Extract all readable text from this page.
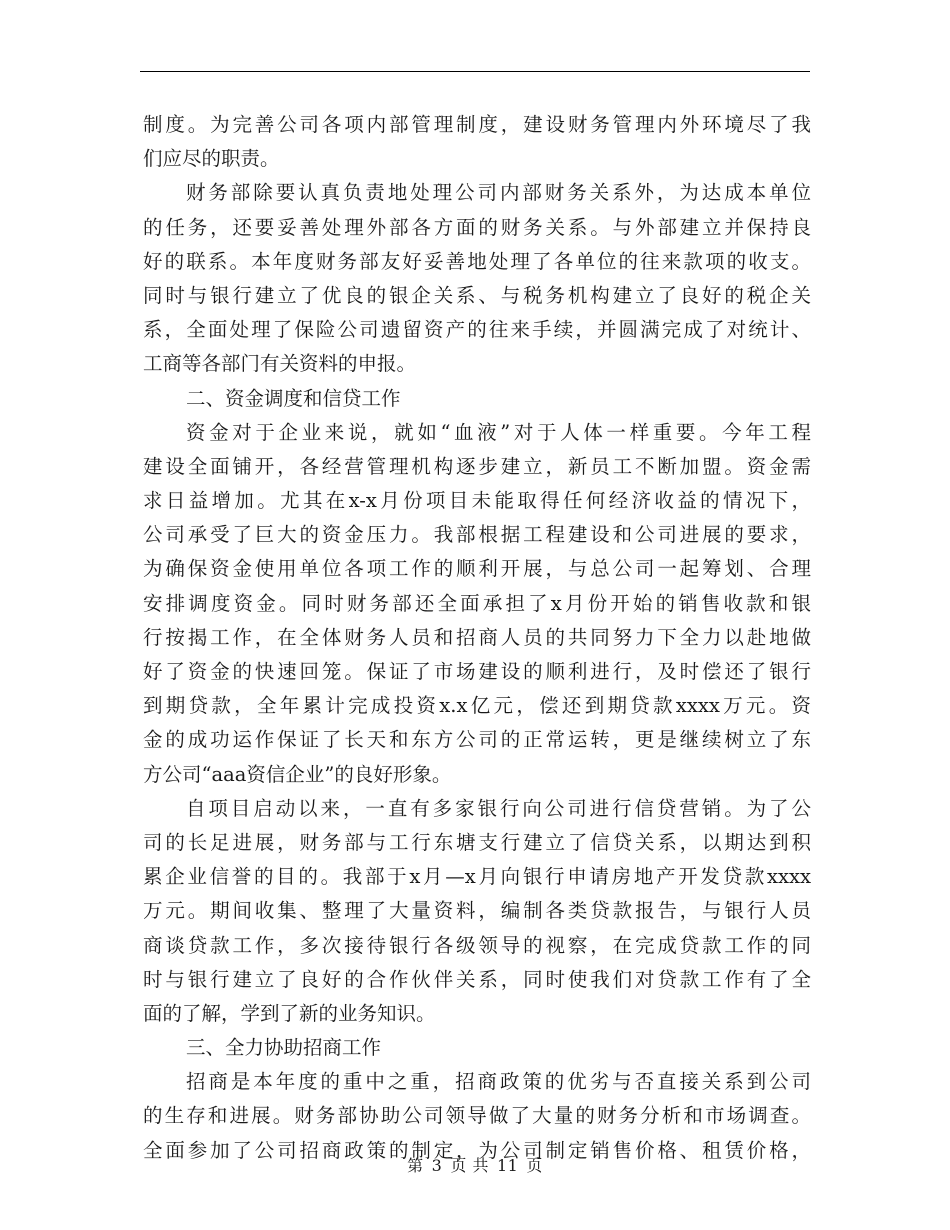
制度。为完善公司各项内部管理制度，建设财务管理内外环境尽了我
们应尽的职责。
财务部除要认真负责地处理公司内部财务关系外，为达成本单位
的任务，还要妥善处理外部各方面的财务关系。与外部建立并保持良
好的联系。本年度财务部友好妥善地处理了各单位的往来款项的收支。
同时与银行建立了优良的银企关系、与税务机构建立了良好的税企关
系，全面处理了保险公司遗留资产的往来手续，并圆满完成了对统计、
工商等各部门有关资料的申报。
二、资金调度和信贷工作
资金对于企业来说，就如“血液”对于人体一样重要。今年工程
建设全面铺开，各经营管理机构逐步建立，新员工不断加盟。资金需
求日益增加。尤其在x-x月份项目未能取得任何经济收益的情况下，
公司承受了巨大的资金压力。我部根据工程建设和公司进展的要求，
为确保资金使用单位各项工作的顺利开展，与总公司一起筹划、合理
安排调度资金。同时财务部还全面承担了x月份开始的销售收款和银
行按揭工作，在全体财务人员和招商人员的共同努力下全力以赴地做
好了资金的快速回笼。保证了市场建设的顺利进行，及时偿还了银行
到期贷款，全年累计完成投资x.x亿元，偿还到期贷款xxxx万元。资
金的成功运作保证了长天和东方公司的正常运转，更是继续树立了东
方公司“aaa资信企业”的良好形象。
自项目启动以来，一直有多家银行向公司进行信贷营销。为了公
司的长足进展，财务部与工行东塘支行建立了信贷关系，以期达到积
累企业信誉的目的。我部于x月—x月向银行申请房地产开发贷款xxxx
万元。期间收集、整理了大量资料，编制各类贷款报告，与银行人员
商谈贷款工作，多次接待银行各级领导的视察，在完成贷款工作的同
时与银行建立了良好的合作伙伴关系，同时使我们对贷款工作有了全
面的了解，学到了新的业务知识。
三、全力协助招商工作
招商是本年度的重中之重，招商政策的优劣与否直接关系到公司
的生存和进展。财务部协助公司领导做了大量的财务分析和市场调查。
全面参加了公司招商政策的制定，为公司制定销售价格、租赁价格，
第 3 页 共 11 页
